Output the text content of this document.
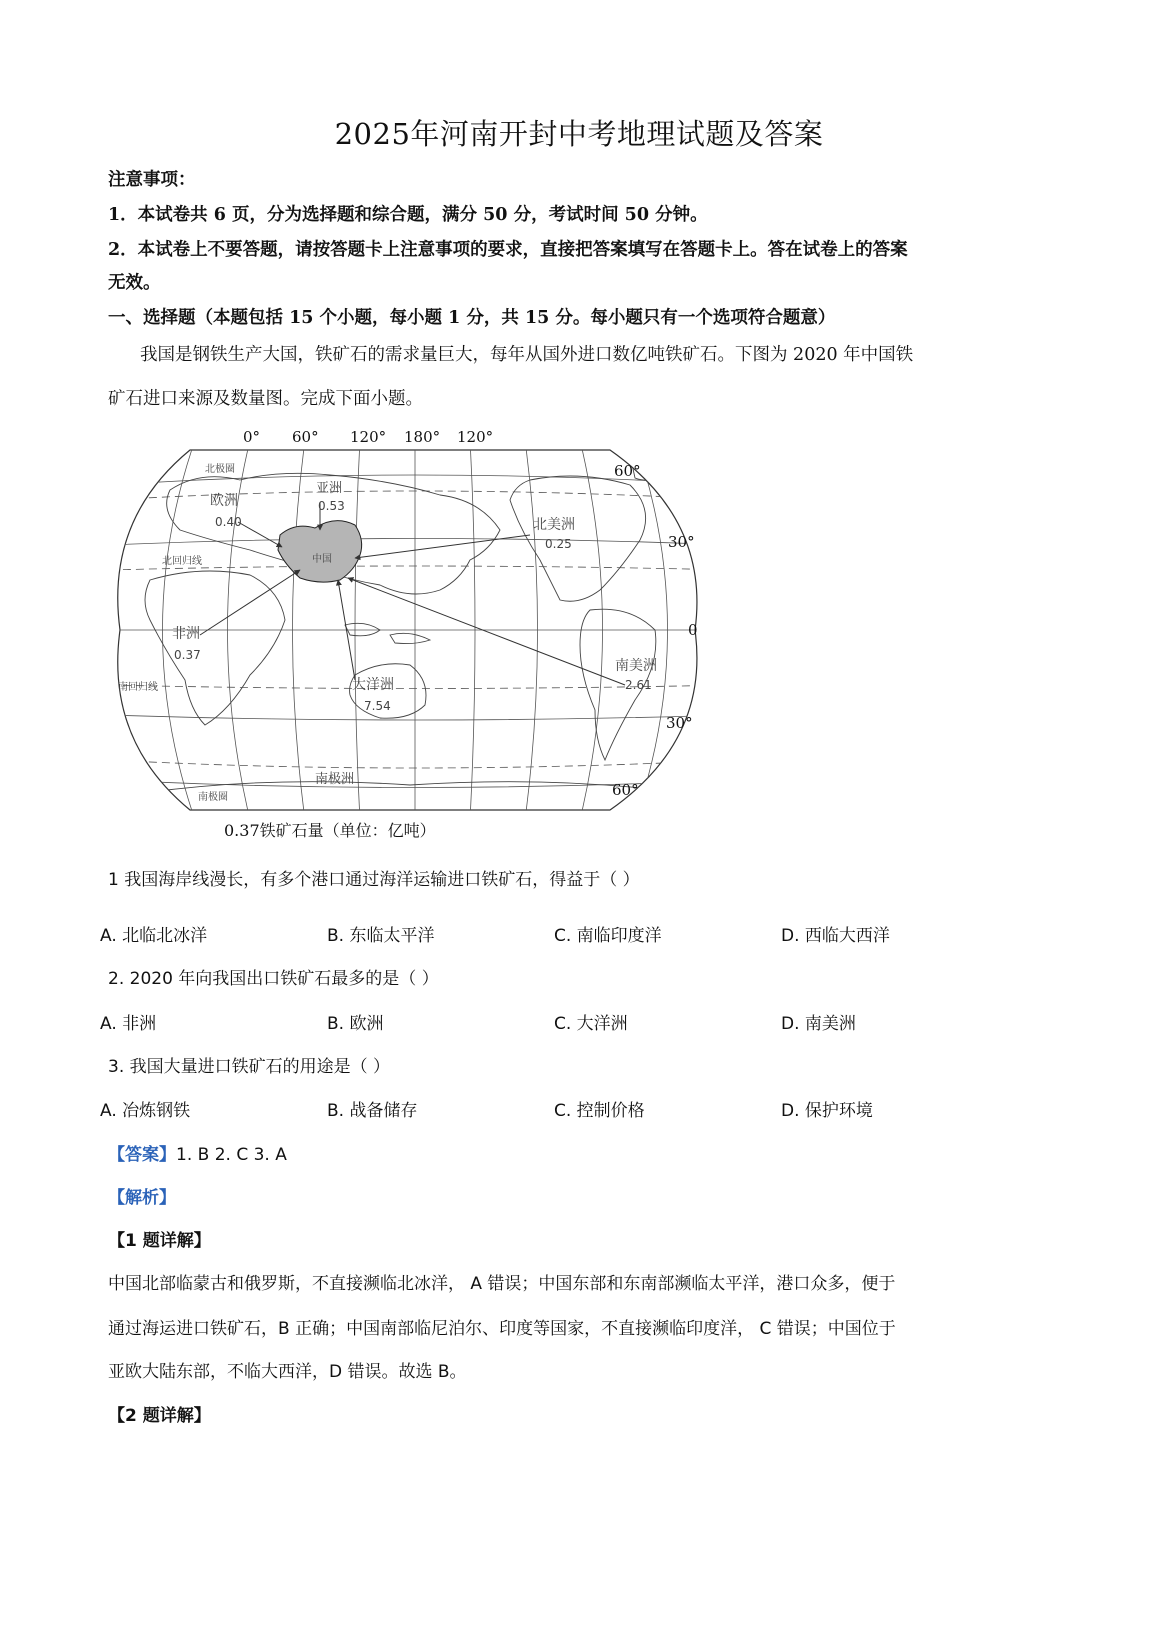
2025年河南开封中考地理试题及答案
注意事项：
1．本试卷共 6 页，分为选择题和综合题，满分 50 分，考试时间 50 分钟。
2．本试卷上不要答题，请按答题卡上注意事项的要求，直接把答案填写在答题卡上。答在试卷上的答案
无效。
一、选择题（本题包括 15 个小题，每小题 1 分，共 15 分。每小题只有一个选项符合题意）
我国是钢铁生产大国，铁矿石的需求量巨大，每年从国外进口数亿吨铁矿石。下图为 2020 年中国铁
矿石进口来源及数量图。完成下面小题。
中国
欧洲
0.40
亚洲
0.53
北美洲
0.25
非洲
0.37
大洋洲
7.54
南美洲
2.61
北极圈
北回归线
南回归线
南极圈
南极洲
0° 60° 120° 180° 120°
60°
30°
0
30°
60°
0.37铁矿石量（单位：亿吨）
1 我国海岸线漫长，有多个港口通过海洋运输进口铁矿石，得益于（ ）
A. 北临北冰洋	B. 东临太平洋	C. 南临印度洋	D. 西临大西洋
2. 2020 年向我国出口铁矿石最多的是（ ）
A. 非洲	B. 欧洲	C. 大洋洲	D. 南美洲
3. 我国大量进口铁矿石的用途是（ ）
A. 冶炼钢铁	B. 战备储存	C. 控制价格	D. 保护环境
【答案】1. B 2. C 3. A
【解析】
【1 题详解】
中国北部临蒙古和俄罗斯，不直接濒临北冰洋， A 错误；中国东部和东南部濒临太平洋，港口众多，便于
通过海运进口铁矿石，B 正确；中国南部临尼泊尔、印度等国家，不直接濒临印度洋， C 错误；中国位于
亚欧大陆东部，不临大西洋，D 错误。故选 B。
【2 题详解】
